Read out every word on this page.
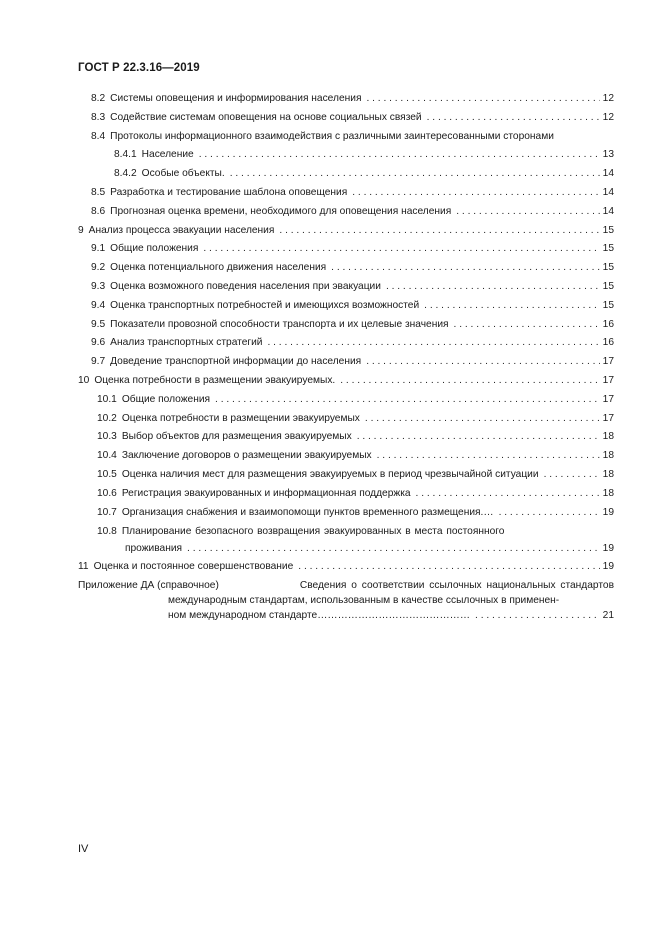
ГОСТ Р 22.3.16—2019
8.2 Системы оповещения и информирования населения . . .	12
8.3 Содействие системам оповещения на основе социальных связей . . .	12
8.4 Протоколы информационного взаимодействия с различными заинтересованными сторонами
8.4.1 Население . . .	13
8.4.2 Особые объекты. . . .	14
8.5 Разработка и тестирование шаблона оповещения . . .	14
8.6 Прогнозная оценка времени, необходимого для оповещения населения . . .	14
9 Анализ процесса эвакуации населения . . .	15
9.1 Общие положения . . .	15
9.2 Оценка потенциального движения населения . . .	15
9.3 Оценка возможного поведения населения при эвакуации . . .	15
9.4 Оценка транспортных потребностей и имеющихся возможностей . . .	15
9.5 Показатели провозной способности транспорта и их целевые значения . . .	16
9.6 Анализ транспортных стратегий . . .	16
9.7 Доведение транспортной информации до населения . . .	17
10 Оценка потребности в размещении эвакуируемых. . . .	17
10.1 Общие положения . . .	17
10.2 Оценка потребности в размещении эвакуируемых . . .	17
10.3 Выбор объектов для размещения эвакуируемых . . .	18
10.4 Заключение договоров о размещении эвакуируемых . . .	18
10.5 Оценка наличия мест для размещения эвакуируемых в период чрезвычайной ситуации . . .	18
10.6 Регистрация эвакуированных и информационная поддержка . . .	18
10.7 Организация снабжения и взаимопомощи пунктов временного размещения.… . . .	19
10.8 Планирование безопасного возвращения эвакуированных в места постоянного
проживания . . .	19
11 Оценка и постоянное совершенствование . . .	19
Приложение ДА (справочное)	Сведения о соответствии ссылочных национальных стандартов
международным стандартам, использованным в качестве ссылочных в применен-
ном международном стандарте……………………………………… . . .	21
IV
